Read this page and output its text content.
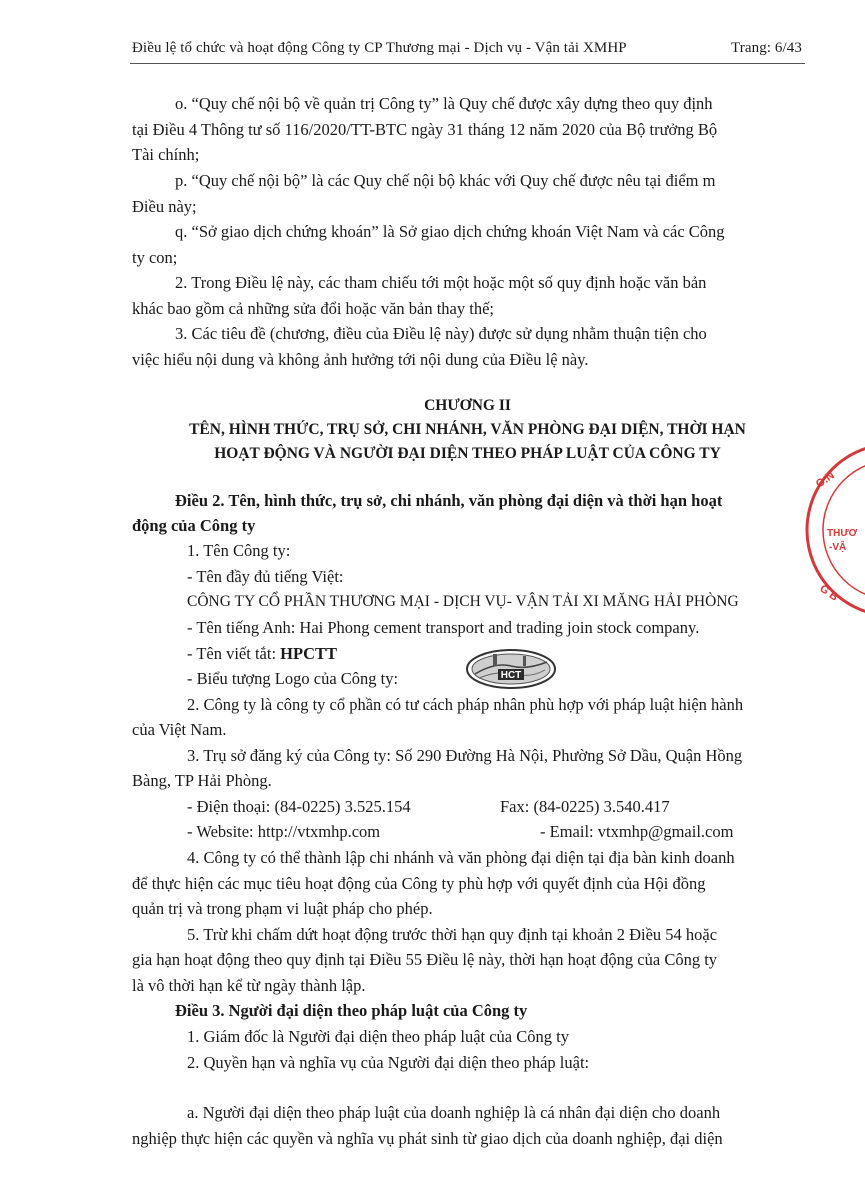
Điều lệ tổ chức và hoạt động Công ty CP Thương mại - Dịch vụ - Vận tải XMHP	Trang: 6/43
o. “Quy chế nội bộ về quản trị Công ty” là Quy chế được xây dựng theo quy định
tại Điều 4 Thông tư số 116/2020/TT-BTC ngày 31 tháng 12 năm 2020 của Bộ trưởng Bộ
Tài chính;
p. “Quy chế nội bộ” là các Quy chế nội bộ khác với Quy chế được nêu tại điểm m
Điều này;
q. “Sở giao dịch chứng khoán” là Sở giao dịch chứng khoán Việt Nam và các Công
ty con;
2. Trong Điều lệ này, các tham chiếu tới một hoặc một số quy định hoặc văn bản
khác bao gồm cả những sửa đổi hoặc văn bản thay thế;
3. Các tiêu đề (chương, điều của Điều lệ này) được sử dụng nhằm thuận tiện cho
việc hiểu nội dung và không ảnh hưởng tới nội dung của Điều lệ này.
CHƯƠNG II
TÊN, HÌNH THỨC, TRỤ SỞ, CHI NHÁNH, VĂN PHÒNG ĐẠI DIỆN, THỜI HẠN
HOẠT ĐỘNG VÀ NGƯỜI ĐẠI DIỆN THEO PHÁP LUẬT CỦA CÔNG TY
Điều 2. Tên, hình thức, trụ sở, chi nhánh, văn phòng đại diện và thời hạn hoạt
động của Công ty
1. Tên Công ty:
- Tên đầy đủ tiếng Việt:
CÔNG TY CỔ PHẦN THƯƠNG MẠI - DỊCH VỤ- VẬN TẢI XI MĂNG HẢI PHÒNG
- Tên tiếng Anh: Hai Phong cement transport and trading join stock company.
- Tên viết tắt: HPCTT
- Biểu tượng Logo của Công ty:	HCT
2. Công ty là công ty cổ phần có tư cách pháp nhân phù hợp với pháp luật hiện hành
của Việt Nam.
3. Trụ sở đăng ký của Công ty: Số 290 Đường Hà Nội, Phường Sở Dầu, Quận Hồng
Bàng, TP Hải Phòng.
- Điện thoại: (84-0225) 3.525.154	Fax: (84-0225) 3.540.417
- Website: http://vtxmhp.com	- Email: vtxmhp@gmail.com
4. Công ty có thể thành lập chi nhánh và văn phòng đại diện tại địa bàn kinh doanh
để thực hiện các mục tiêu hoạt động của Công ty phù hợp với quyết định của Hội đồng
quản trị và trong phạm vi luật pháp cho phép.
5. Trừ khi chấm dứt hoạt động trước thời hạn quy định tại khoản 2 Điều 54 hoặc
gia hạn hoạt động theo quy định tại Điều 55 Điều lệ này, thời hạn hoạt động của Công ty
là vô thời hạn kể từ ngày thành lập.
Điều 3. Người đại diện theo pháp luật của Công ty
1. Giám đốc là Người đại diện theo pháp luật của Công ty
2. Quyền hạn và nghĩa vụ của Người đại diện theo pháp luật:
a. Người đại diện theo pháp luật của doanh nghiệp là cá nhân đại diện cho doanh
nghiệp thực hiện các quyền và nghĩa vụ phát sinh từ giao dịch của doanh nghiệp, đại diện
O.N
THƯƠ
-VẬ
G B
